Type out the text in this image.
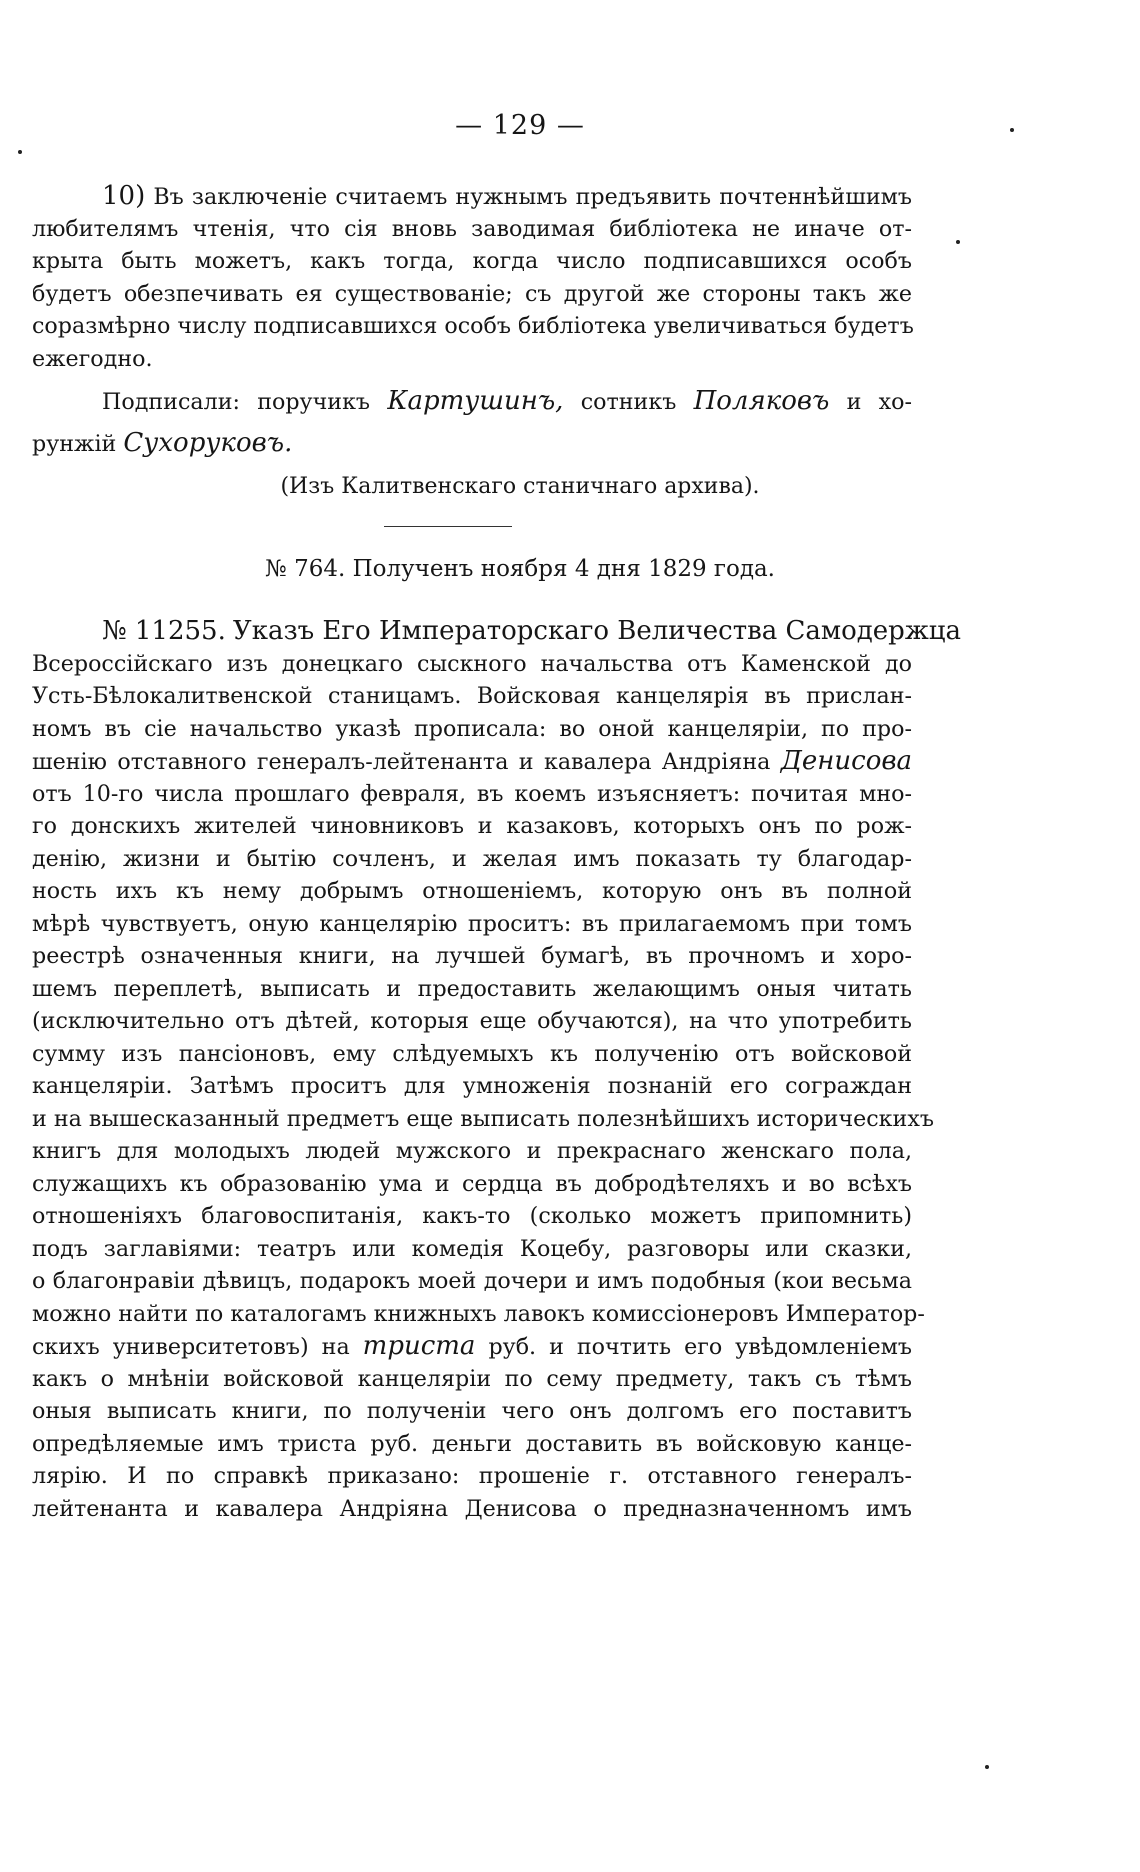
— 129 —
10) Въ заключеніе считаемъ нужнымъ предъявить почтеннѣйшимъ
любителямъ чтенія, что сія вновь заводимая библіотека не иначе от-
крыта быть можетъ, какъ тогда, когда число подписавшихся особъ
будетъ обезпечивать ея существованіе; съ другой же стороны такъ же
соразмѣрно числу подписавшихся особъ библіотека увеличиваться будетъ
ежегодно.
Подписали: поручикъ Картушинъ, сотникъ Поляковъ и хо-
рунжій Сухоруковъ.
(Изъ Калитвенскаго станичнаго архива).
№ 764. Полученъ ноября 4 дня 1829 года.
№ 11255. Указъ Его Императорскаго Величества Самодержца
Всероссійскаго изъ донецкаго сыскного начальства отъ Каменской до
Усть-Бѣлокалитвенской станицамъ. Войсковая канцелярія въ прислан-
номъ въ сіе начальство указѣ прописала: во оной канцеляріи, по про-
шенію отставного генералъ-лейтенанта и кавалера Андріяна Денисова
отъ 10-го числа прошлаго февраля, въ коемъ изъясняетъ: почитая мно-
го донскихъ жителей чиновниковъ и казаковъ, которыхъ онъ по рож-
денію, жизни и бытію сочленъ, и желая имъ показать ту благодар-
ность ихъ къ нему добрымъ отношеніемъ, которую онъ въ полной
мѣрѣ чувствуетъ, оную канцелярію проситъ: въ прилагаемомъ при томъ
реестрѣ означенныя книги, на лучшей бумагѣ, въ прочномъ и хоро-
шемъ переплетѣ, выписать и предоставить желающимъ оныя читать
(исключительно отъ дѣтей, которыя еще обучаются), на что употребить
сумму изъ пансіоновъ, ему слѣдуемыхъ къ полученію отъ войсковой
канцеляріи. Затѣмъ проситъ для умноженія познаній его сограждан
и на вышесказанный предметъ еще выписать полезнѣйшихъ историческихъ
книгъ для молодыхъ людей мужского и прекраснаго женскаго пола,
служащихъ къ образованію ума и сердца въ добродѣтеляхъ и во всѣхъ
отношеніяхъ благовоспитанія, какъ-то (сколько можетъ припомнить)
подъ заглавіями: театръ или комедія Коцебу, разговоры или сказки,
о благонравіи дѣвицъ, подарокъ моей дочери и имъ подобныя (кои весьма
можно найти по каталогамъ книжныхъ лавокъ комиссіонеровъ Император-
скихъ университетовъ) на триста руб. и почтить его увѣдомленіемъ
какъ о мнѣніи войсковой канцеляріи по сему предмету, такъ съ тѣмъ
оныя выписать книги, по полученіи чего онъ долгомъ его поставитъ
опредѣляемые имъ триста руб. деньги доставить въ войсковую канце-
лярію. И по справкѣ приказано: прошеніе г. отставного генералъ-
лейтенанта и кавалера Андріяна Денисова о предназначенномъ имъ
